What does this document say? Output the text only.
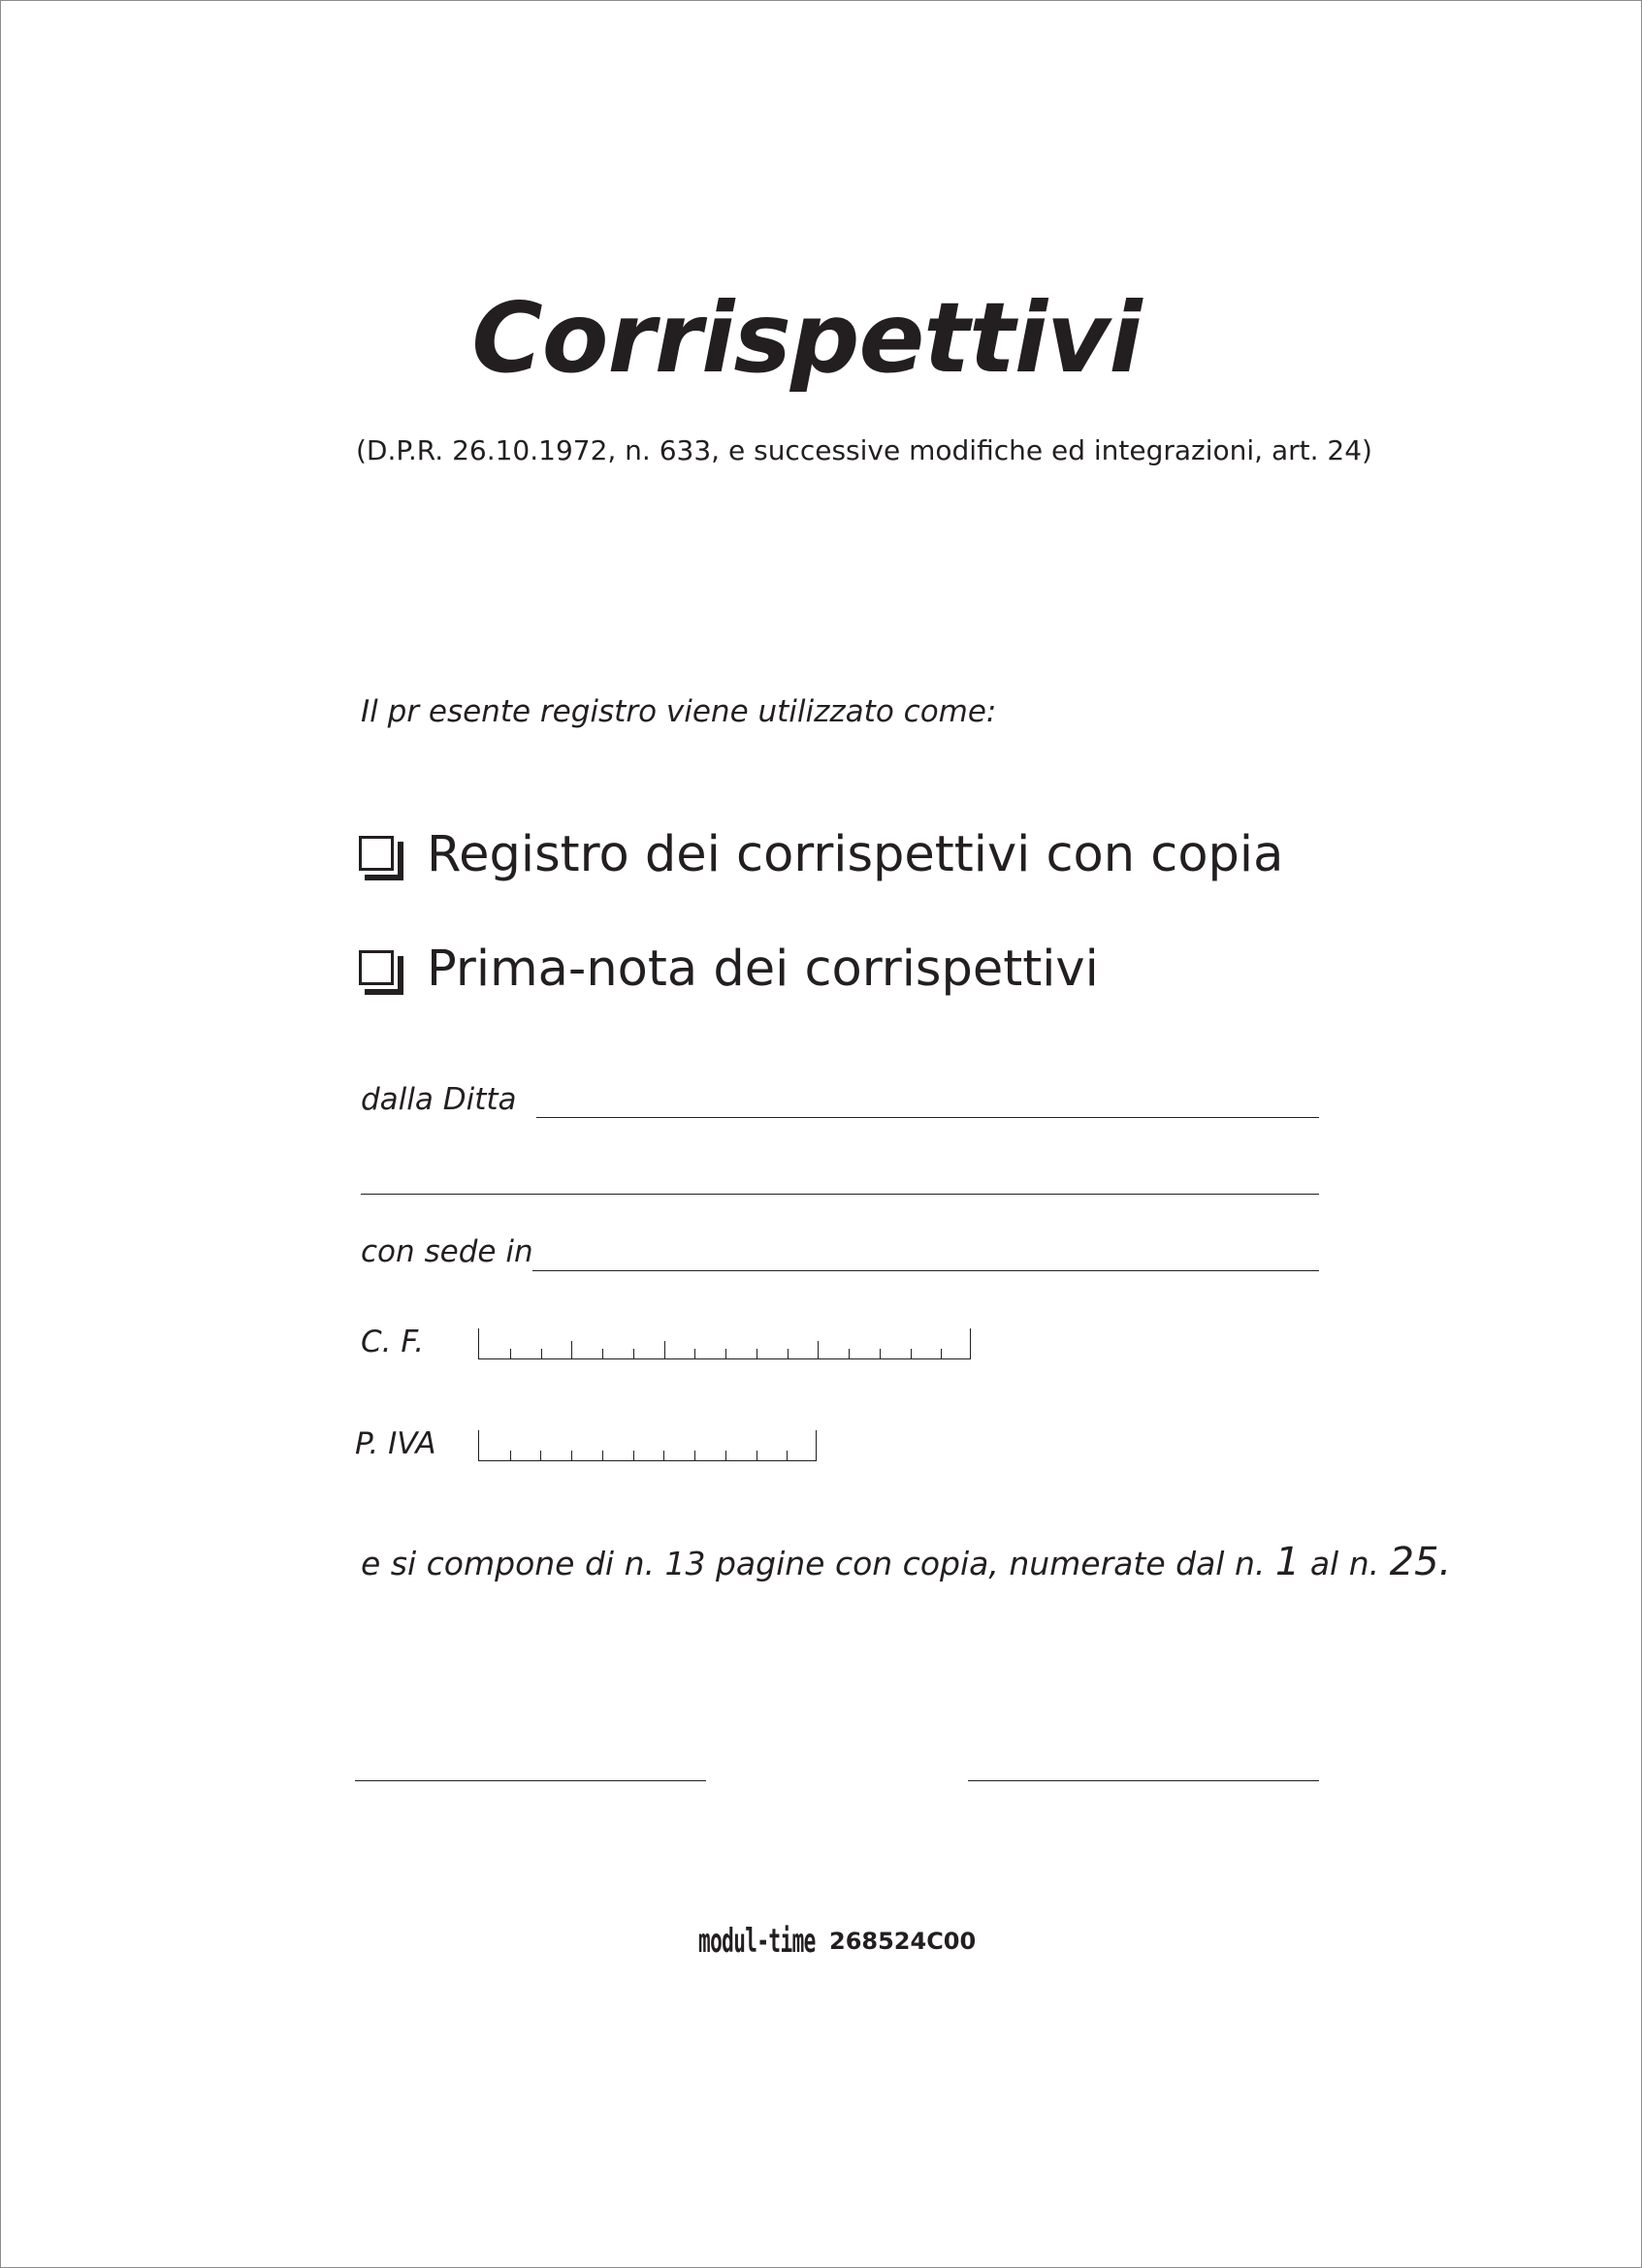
Corrispettivi
(D.P.R. 26.10.1972, n. 633, e successive modifiche ed integrazioni, art. 24)
Il pr esente registro viene utilizzato come:
Registro dei corrispettivi con copia
Prima-nota dei corrispettivi
dalla Ditta
con sede in
C. F.
P. IVA
e si compone di n. 13 pagine con copia, numerate dal n. 1 al n. 25.
modul-time 268524C00
